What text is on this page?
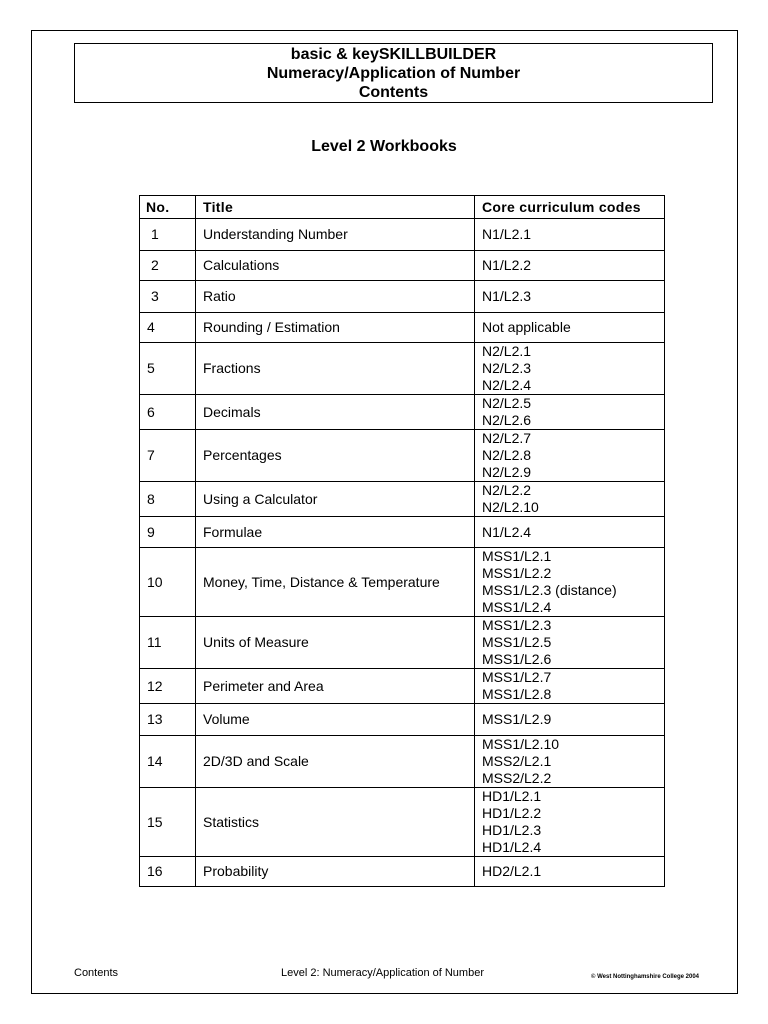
basic & keySKILLBUILDER
Numeracy/Application of Number
Contents
Level 2 Workbooks
No.	Title	Core curriculum codes
1	Understanding Number	N1/L2.1

2	Calculations	N1/L2.2

3	Ratio	N1/L2.3

4	Rounding / Estimation	Not applicable

5	Fractions	N2/L2.1
N2/L2.3
N2/L2.4

6	Decimals	N2/L2.5
N2/L2.6

7	Percentages	N2/L2.7
N2/L2.8
N2/L2.9

8	Using a Calculator	N2/L2.2
N2/L2.10

9	Formulae	N1/L2.4

10	Money, Time, Distance & Temperature	MSS1/L2.1
MSS1/L2.2
MSS1/L2.3 (distance)
MSS1/L2.4

11	Units of Measure	MSS1/L2.3
MSS1/L2.5
MSS1/L2.6

12	Perimeter and Area	MSS1/L2.7
MSS1/L2.8

13	Volume	MSS1/L2.9

14	2D/3D and Scale	MSS1/L2.10
MSS2/L2.1
MSS2/L2.2

15	Statistics	HD1/L2.1
HD1/L2.2
HD1/L2.3
HD1/L2.4

16	Probability	HD2/L2.1
Contents	Level 2: Numeracy/Application of Number	© West Nottinghamshire College 2004
